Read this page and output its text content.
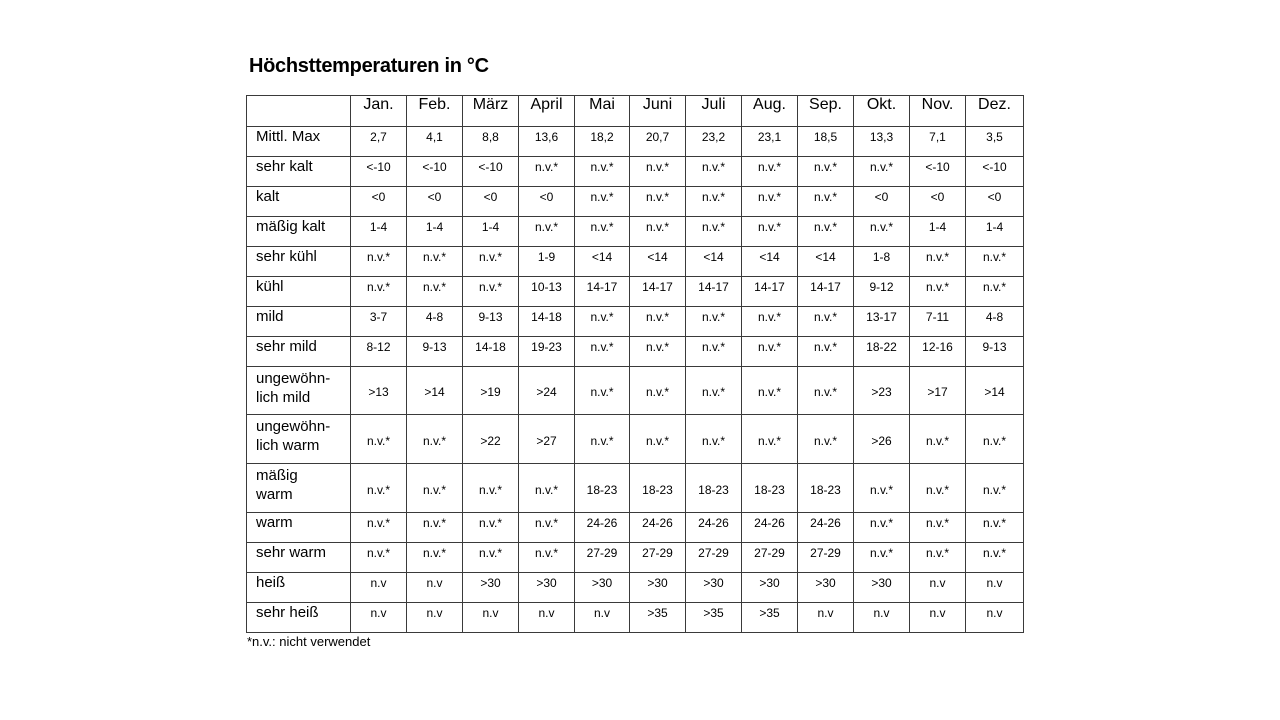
Höchsttemperaturen in °C
	Jan.	Feb.	März	April	Mai	Juni	Juli	Aug.	Sep.	Okt.	Nov.	Dez.
Mittl. Max	2,7	4,1	8,8	13,6	18,2	20,7	23,2	23,1	18,5	13,3	7,1	3,5
sehr kalt	<-10	<-10	<-10	n.v.*	n.v.*	n.v.*	n.v.*	n.v.*	n.v.*	n.v.*	<-10	<-10
kalt	<0	<0	<0	<0	n.v.*	n.v.*	n.v.*	n.v.*	n.v.*	<0	<0	<0
mäßig kalt	1-4	1-4	1-4	n.v.*	n.v.*	n.v.*	n.v.*	n.v.*	n.v.*	n.v.*	1-4	1-4
sehr kühl	n.v.*	n.v.*	n.v.*	1-9	<14	<14	<14	<14	<14	1-8	n.v.*	n.v.*
kühl	n.v.*	n.v.*	n.v.*	10-13	14-17	14-17	14-17	14-17	14-17	9-12	n.v.*	n.v.*
mild	3-7	4-8	9-13	14-18	n.v.*	n.v.*	n.v.*	n.v.*	n.v.*	13-17	7-11	4-8
sehr mild	8-12	9-13	14-18	19-23	n.v.*	n.v.*	n.v.*	n.v.*	n.v.*	18-22	12-16	9-13
ungewöhn-
lich mild	>13	>14	>19	>24	n.v.*	n.v.*	n.v.*	n.v.*	n.v.*	>23	>17	>14
ungewöhn-
lich warm	n.v.*	n.v.*	>22	>27	n.v.*	n.v.*	n.v.*	n.v.*	n.v.*	>26	n.v.*	n.v.*
mäßig
warm	n.v.*	n.v.*	n.v.*	n.v.*	18-23	18-23	18-23	18-23	18-23	n.v.*	n.v.*	n.v.*
warm	n.v.*	n.v.*	n.v.*	n.v.*	24-26	24-26	24-26	24-26	24-26	n.v.*	n.v.*	n.v.*
sehr warm	n.v.*	n.v.*	n.v.*	n.v.*	27-29	27-29	27-29	27-29	27-29	n.v.*	n.v.*	n.v.*
heiß	n.v	n.v	>30	>30	>30	>30	>30	>30	>30	>30	n.v	n.v
sehr heiß	n.v	n.v	n.v	n.v	n.v	>35	>35	>35	n.v	n.v	n.v	n.v
*n.v.: nicht verwendet
